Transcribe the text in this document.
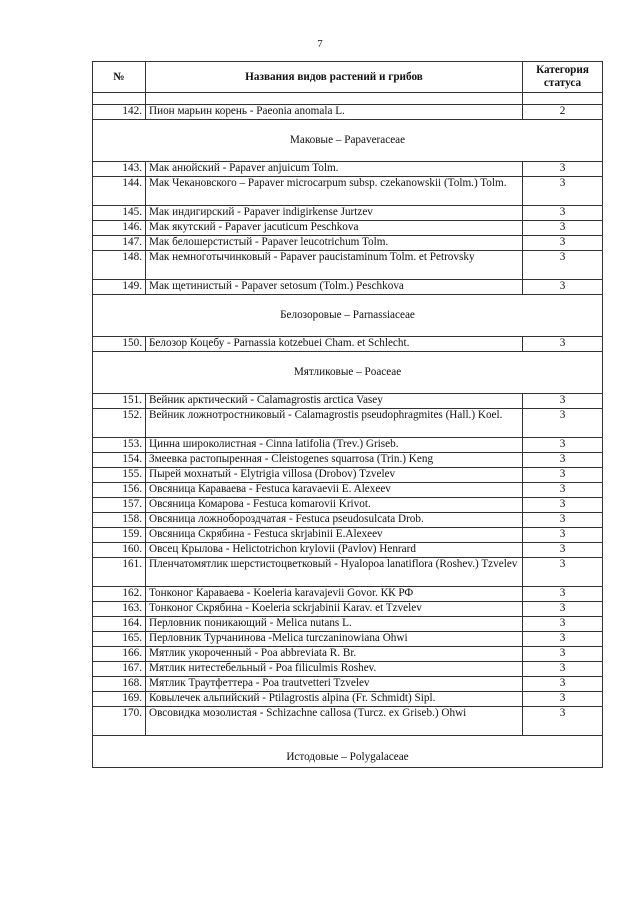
7
№	Названия видов растений и грибов	Категория статуса

142.	Пион марьин корень - Paeonia anomala L.	2
Маковые – Papaveraceae		
143.	Мак анюйский - Papaver anjuicum Tolm.	3
144.	Мак Чекановского – Papaver microcarpum subsp. czekanowskii (Tolm.) Tolm.	3
145.	Мак индигирский - Papaver indigirkense Jurtzev	3
146.	Мак якутский - Papaver jacuticum Peschkova	3
147.	Мак белошерстистый - Papaver leucotrichum Tolm.	3
148.	Мак немноготычинковый - Papaver paucistaminum Tolm. et Petrovsky	3
149.	Мак щетинистый - Papaver setosum (Tolm.) Peschkova	3
Белозоровые – Parnassiaceae		
150.	Белозор Коцебу - Parnassia kotzebuei Cham. et Schlecht.	3
Мятликовые – Poaceae		
151.	Вейник арктический - Calamagrostis arctica Vasey	3
152.	Вейник ложнотростниковый - Calamagrostis pseudophragmites (Hall.) Koel.	3
153.	Цинна широколистная - Cinna latifolia (Trev.) Griseb.	3
154.	Змеевка растопыренная - Cleistogenes squarrosa (Trin.) Keng	3
155.	Пырей мохнатый - Elytrigia villosa (Drobov) Tzvelev	3
156.	Овсяница Караваева - Festuca karavaevii E. Alexeev	3
157.	Овсяница Комарова - Festuca komarovii Krivot.	3
158.	Овсяница ложнобороздчатая - Festuca pseudosulcata Drob.	3
159.	Овсяница Скрябина - Festuca skrjabinii E.Alexeev	3
160.	Овсец Крылова - Helictotrichon krylovii (Pavlov) Henrard	3
161.	Пленчатомятлик шерстистоцветковый - Hyalopoa lanatiflora (Roshev.) Tzvelev	3
162.	Тонконог Караваева - Koeleria karavajevii Govor. КК РФ	3
163.	Тонконог Скрябина - Koeleria sckrjabinii Karav. et Tzvelev	3
164.	Перловник поникающий - Melica nutans L.	3
165.	Перловник Турчанинова -Melica turczaninowiana Ohwi	3
166.	Мятлик укороченный - Poa abbreviata R. Br.	3
167.	Мятлик нитестебельный - Poa filiculmis Roshev.	3
168.	Мятлик Траутфеттера - Poa trautvetteri Tzvelev	3
169.	Ковылечек альпийский - Ptilagrostis alpina (Fr. Schmidt) Sipl.	3
170.	Овсовидка мозолистая - Schizachne callosa (Turcz. ex Griseb.) Ohwi	3
Истодовые – Polygalaceae		
